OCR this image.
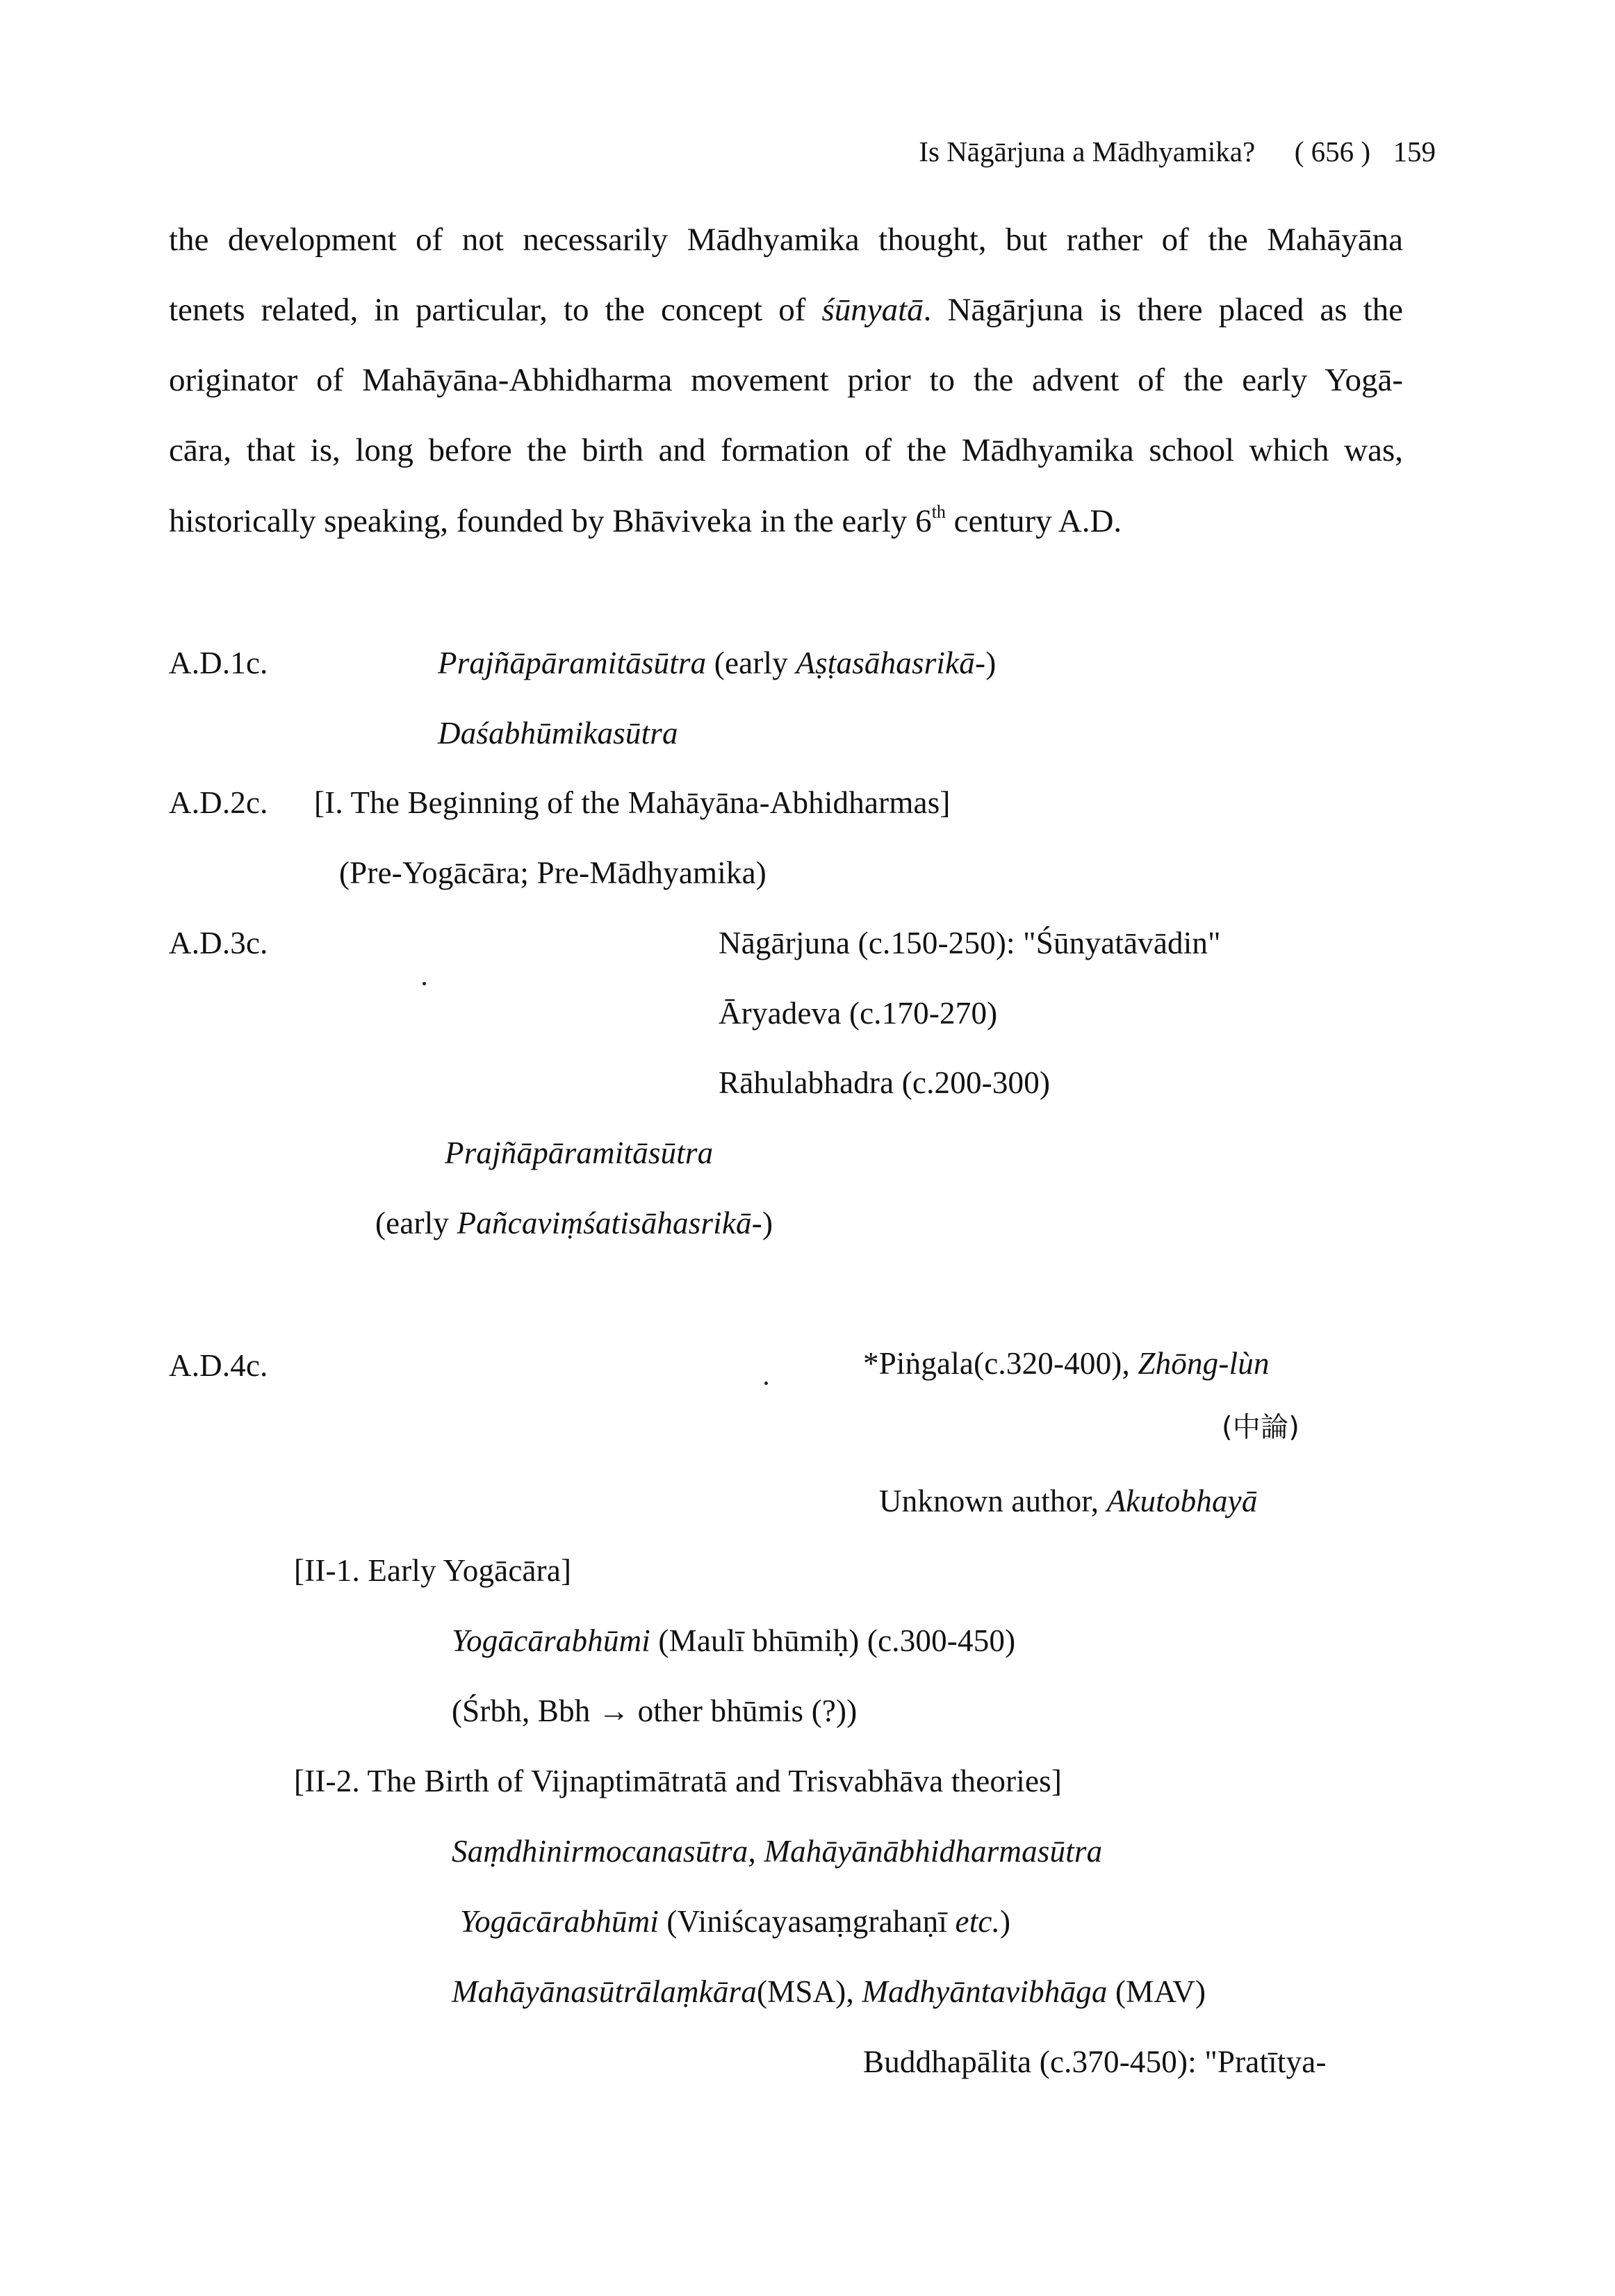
Is Nāgārjuna a Mādhyamika? ( 656 ) 159
the development of not necessarily Mādhyamika thought, but rather of the Mahāyāna
tenets related, in particular, to the concept of śūnyatā. Nāgārjuna is there placed as the
originator of Mahāyāna-Abhidharma movement prior to the advent of the early Yogā-
cāra, that is, long before the birth and formation of the Mādhyamika school which was,
historically speaking, founded by Bhāviveka in the early 6th century A.D.
A.D.1c.	Prajñāpāramitāsūtra (early Aṣṭasāhasrikā-)
Daśabhūmikasūtra
A.D.2c. [I. The Beginning of the Mahāyāna-Abhidharmas]
(Pre-Yogācāra; Pre-Mādhyamika)
A.D.3c.	Nāgārjuna (c.150-250): "Śūnyatāvādin"
Āryadeva (c.170-270)
Rāhulabhadra (c.200-300)
Prajñāpāramitāsūtra
(early Pañcaviṃśatisāhasrikā-)
A.D.4c.	*Piṅgala(c.320-400), Zhōng-lùn
(中論)
Unknown author, Akutobhayā
[II-1. Early Yogācāra]
Yogācārabhūmi (Maulī bhūmiḥ) (c.300-450)
(Śrbh, Bbh → other bhūmis (?))
[II-2. The Birth of Vijnaptimātratā and Trisvabhāva theories]
Saṃdhinirmocanasūtra, Mahāyānābhidharmasūtra
Yogācārabhūmi (Viniścayasaṃgrahaṇī etc.)
Mahāyānasūtrālaṃkāra(MSA), Madhyāntavibhāga (MAV)
Buddhapālita (c.370-450): "Pratītya-
